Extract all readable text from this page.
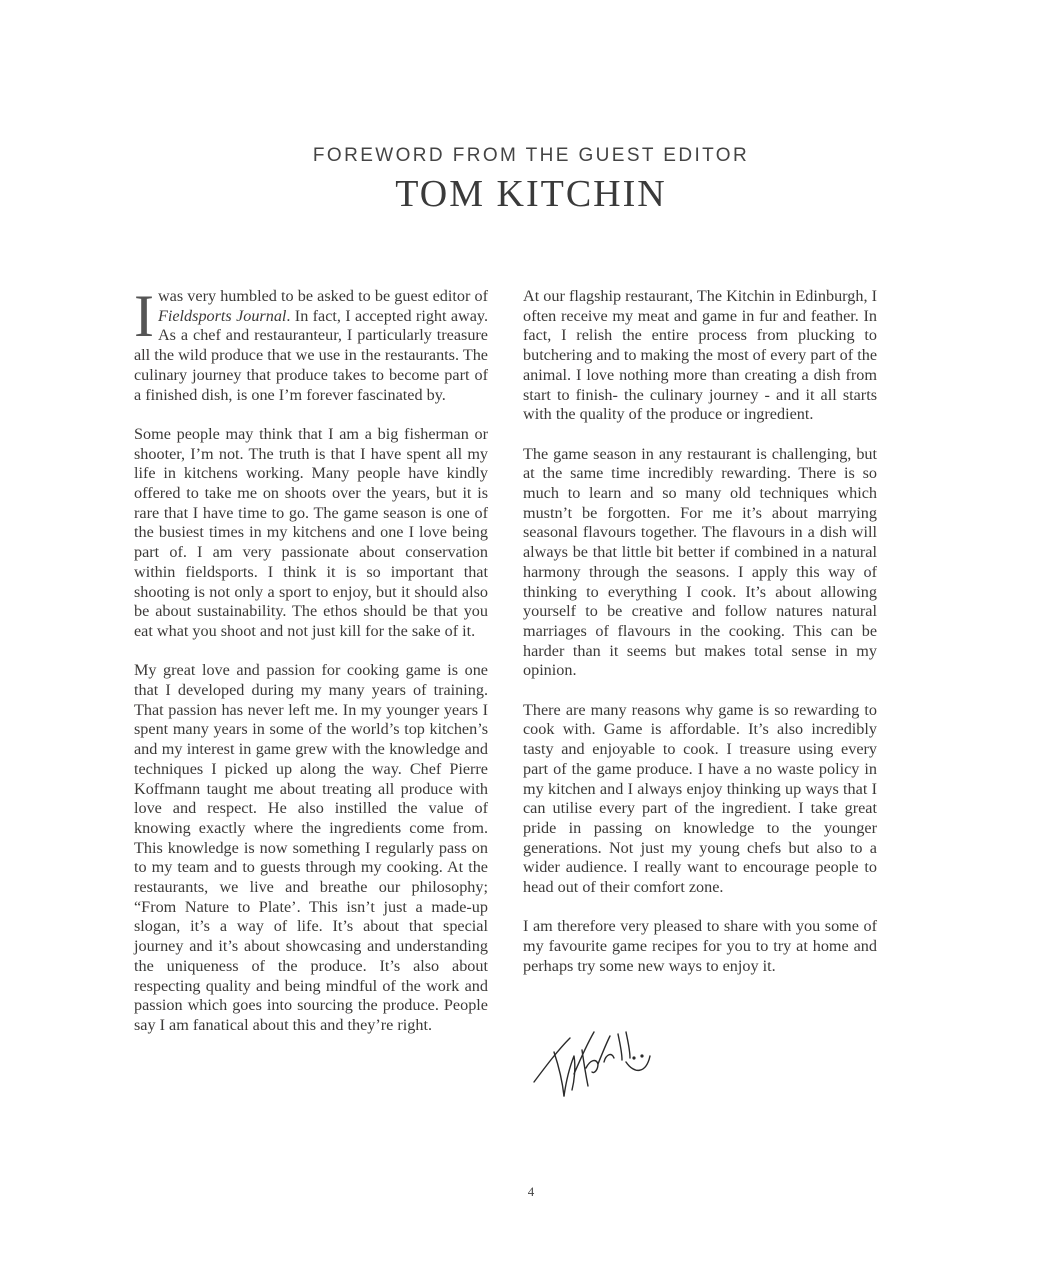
FOREWORD FROM THE GUEST EDITOR
TOM KITCHIN

Iwas very humbled to be asked to be guest editor of Fieldsports Journal. In fact, I accepted right away. As a chef and restauranteur, I particularly treasure all the wild produce that we use in the restaurants. The culinary journey that produce takes to become part of a finished dish, is one I’m forever fascinated by.

Some people may think that I am a big fisherman or shooter, I’m not. The truth is that I have spent all my life in kitchens working. Many people have kindly offered to take me on shoots over the years, but it is rare that I have time to go. The game season is one of the busiest times in my kitchens and one I love being part of. I am very passionate about conservation within fieldsports. I think it is so important that shooting is not only a sport to enjoy, but it should also be about sustainability. The ethos should be that you eat what you shoot and not just kill for the sake of it.

My great love and passion for cooking game is one that I developed during my many years of training. That passion has never left me. In my younger years I spent many years in some of the world’s top kitchen’s and my interest in game grew with the knowledge and techniques I picked up along the way. Chef Pierre Koffmann taught me about treating all produce with love and respect. He also instilled the value of knowing exactly where the ingredients come from. This knowledge is now something I regularly pass on to my team and to guests through my cooking. At the restaurants, we live and breathe our philosophy; “From Nature to Plate’. This isn’t just a made-up slogan, it’s a way of life. It’s about that special journey and it’s about showcasing and understanding the uniqueness of the produce. It’s also about respecting quality and being mindful of the work and passion which goes into sourcing the produce. People say I am fanatical about this and they’re right.

At our flagship restaurant, The Kitchin in Edinburgh, I often receive my meat and game in fur and feather. In fact, I relish the entire process from plucking to butchering and to making the most of every part of the animal. I love nothing more than creating a dish from start to finish- the culinary journey - and it all starts with the quality of the produce or ingredient.

The game season in any restaurant is challenging, but at the same time incredibly rewarding. There is so much to learn and so many old techniques which mustn’t be forgotten. For me it’s about marrying seasonal flavours together. The flavours in a dish will always be that little bit better if combined in a natural harmony through the seasons. I apply this way of thinking to everything I cook. It’s about allowing yourself to be creative and follow natures natural marriages of flavours in the cooking. This can be harder than it seems but makes total sense in my opinion.

There are many reasons why game is so rewarding to cook with. Game is affordable. It’s also incredibly tasty and enjoyable to cook. I treasure using every part of the game produce. I have a no waste policy in my kitchen and I always enjoy thinking up ways that I can utilise every part of the ingredient. I take great pride in passing on knowledge to the younger generations. Not just my young chefs but also to a wider audience. I really want to encourage people to head out of their comfort zone.

I am therefore very pleased to share with you some of my favourite game recipes for you to try at home and perhaps try some new ways to enjoy it.

4
